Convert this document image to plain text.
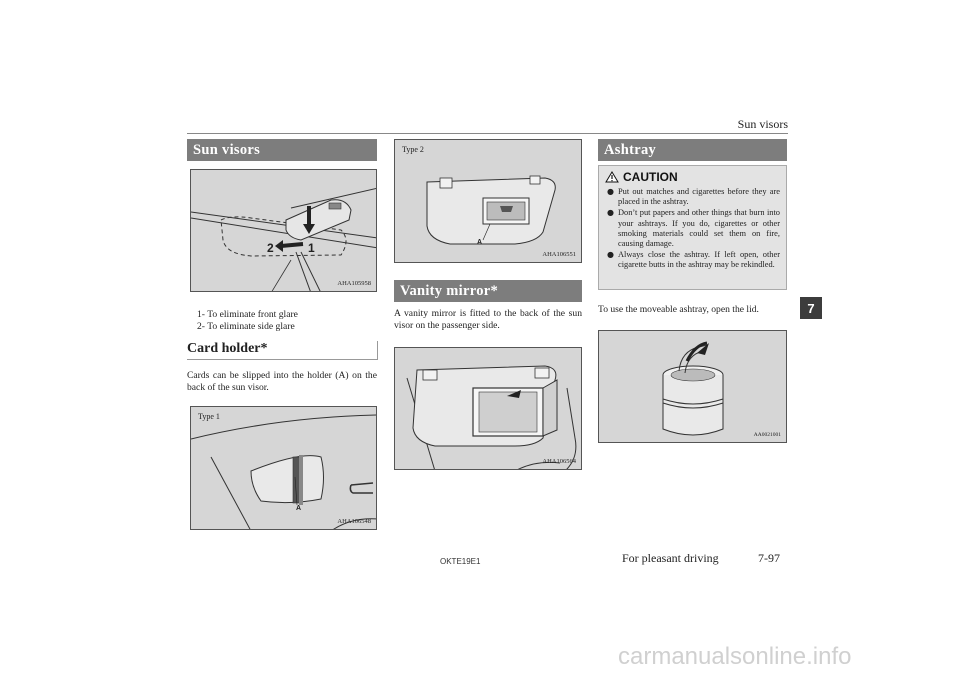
Sun visors
7
Sun visors
2	1
AHA105958
1- To eliminate front glare
2- To eliminate side glare
Card holder*
Cards can be slipped into the holder (A) on the back of the sun visor.
Type 1
A
AHA106548
Type 2
A
AHA106551
Vanity mirror*
A vanity mirror is fitted to the back of the sun visor on the passenger side.
AHA106564
Ashtray
CAUTION
● Put out matches and cigarettes before they are placed in the ashtray.
● Don’t put papers and other things that burn into your ashtrays. If you do, cigarettes or other smoking materials could set them on fire, causing damage.
● Always close the ashtray. If left open, other cigarette butts in the ashtray may be rekindled.
To use the moveable ashtray, open the lid.
AA0021001
OKTE19E1	For pleasant driving	7-97
carmanualsonline.info
